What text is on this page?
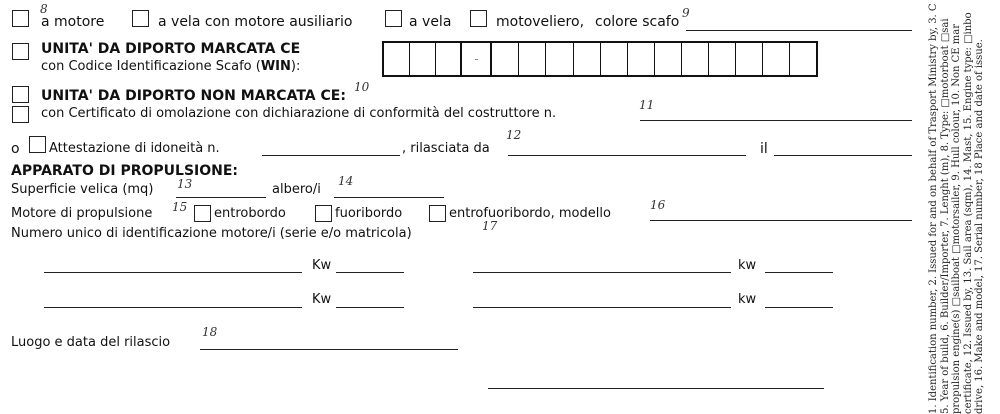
8
a motore	a vela con motore ausiliario	a vela	motoveliero, colore scafo
9
UNITA' DA DIPORTO MARCATA CE
con Codice Identificazione Scafo (WIN):	-
UNITA' DA DIPORTO NON MARCATA CE:
10
con Certificato di omolazione con dichiarazione di conformità del costruttore n.
11
o Attestazione di idoneità n.	, rilasciata da
12
il
APPARATO DI PROPULSIONE:
Superficie velica (mq) 13	albero/i
14
Motore di propulsione 15 entrobordo	fuoribordo	entrofuoribordo, modello
16
Numero unico di identificazione motore/i (serie e/o matricola)	17
Kw	kw
Kw	kw
Luogo e data del rilascio
18	1. Identification number, 2. Issued for and on behalf of Trasport Ministry by, 3. C 5. Year of build, 6. Builder/Importer, 7. Lenght (m), 8. Type: □motorboat □sai propulsion engine(s) □sailboat □motorsailer, 9. Hull colour, 10. Non CE mar certificate, 12. Issued by, 13. Sail area (sqm), 14. Mast, 15. Engine type: □inbo drive, 16. Make and model, 17. Serial number, 18 Place and date of issue.
